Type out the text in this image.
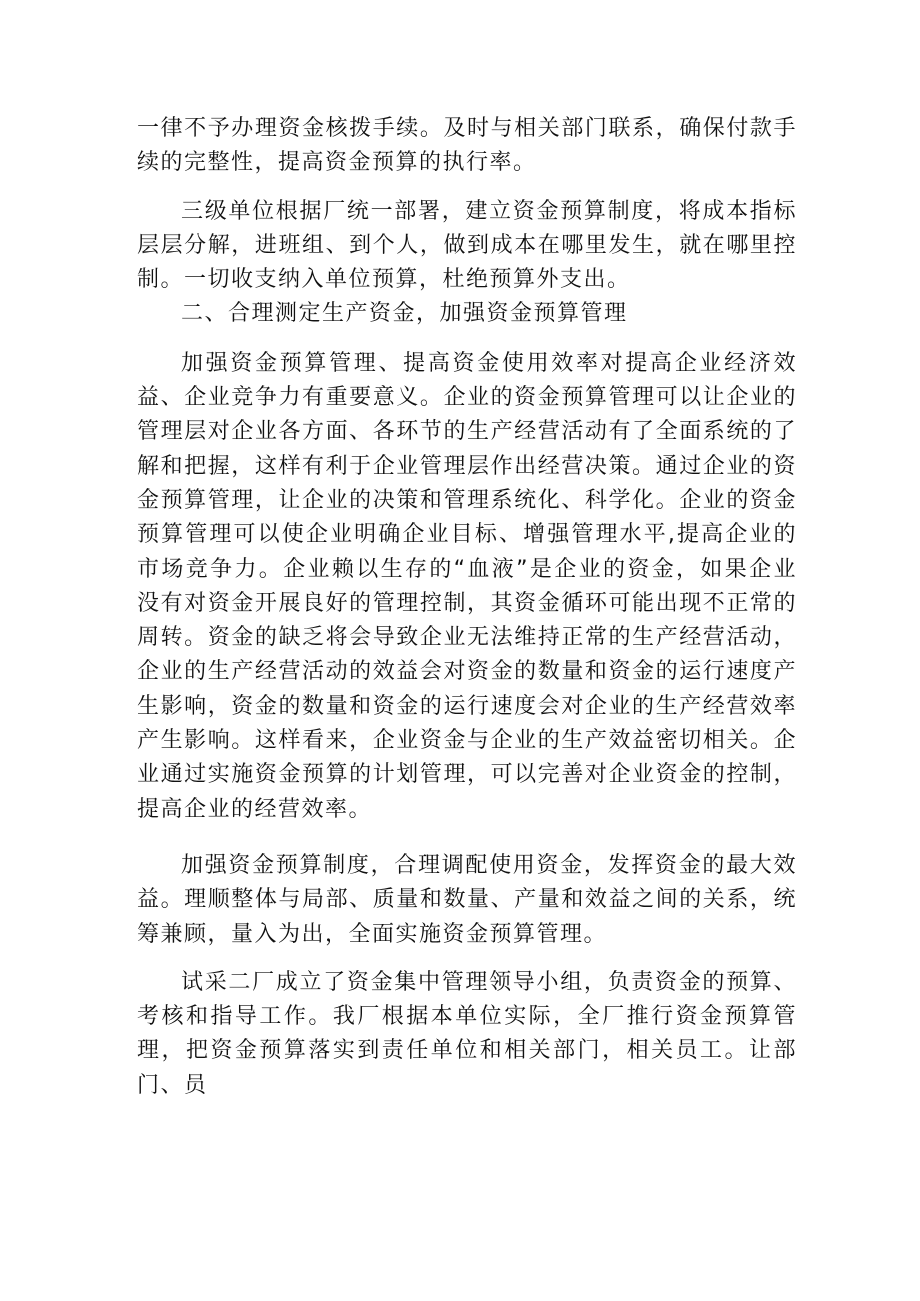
一律不予办理资金核拨手续。及时与相关部门联系，确保付款手续的完整性，提高资金预算的执行率。

三级单位根据厂统一部署，建立资金预算制度，将成本指标层层分解，进班组、到个人，做到成本在哪里发生，就在哪里控制。一切收支纳入单位预算，杜绝预算外支出。

二、合理测定生产资金，加强资金预算管理

加强资金预算管理、提高资金使用效率对提高企业经济效益、企业竞争力有重要意义。企业的资金预算管理可以让企业的管理层对企业各方面、各环节的生产经营活动有了全面系统的了解和把握，这样有利于企业管理层作出经营决策。通过企业的资金预算管理，让企业的决策和管理系统化、科学化。企业的资金预算管理可以使企业明确企业目标、增强管理水平,提高企业的市场竞争力。企业赖以生存的“血液”是企业的资金，如果企业没有对资金开展良好的管理控制，其资金循环可能出现不正常的周转。资金的缺乏将会导致企业无法维持正常的生产经营活动，企业的生产经营活动的效益会对资金的数量和资金的运行速度产生影响，资金的数量和资金的运行速度会对企业的生产经营效率产生影响。这样看来，企业资金与企业的生产效益密切相关。企业通过实施资金预算的计划管理，可以完善对企业资金的控制，提高企业的经营效率。

加强资金预算制度，合理调配使用资金，发挥资金的最大效益。理顺整体与局部、质量和数量、产量和效益之间的关系，统筹兼顾，量入为出，全面实施资金预算管理。

试采二厂成立了资金集中管理领导小组，负责资金的预算、考核和指导工作。我厂根据本单位实际，全厂推行资金预算管理，把资金预算落实到责任单位和相关部门，相关员工。让部门、员
